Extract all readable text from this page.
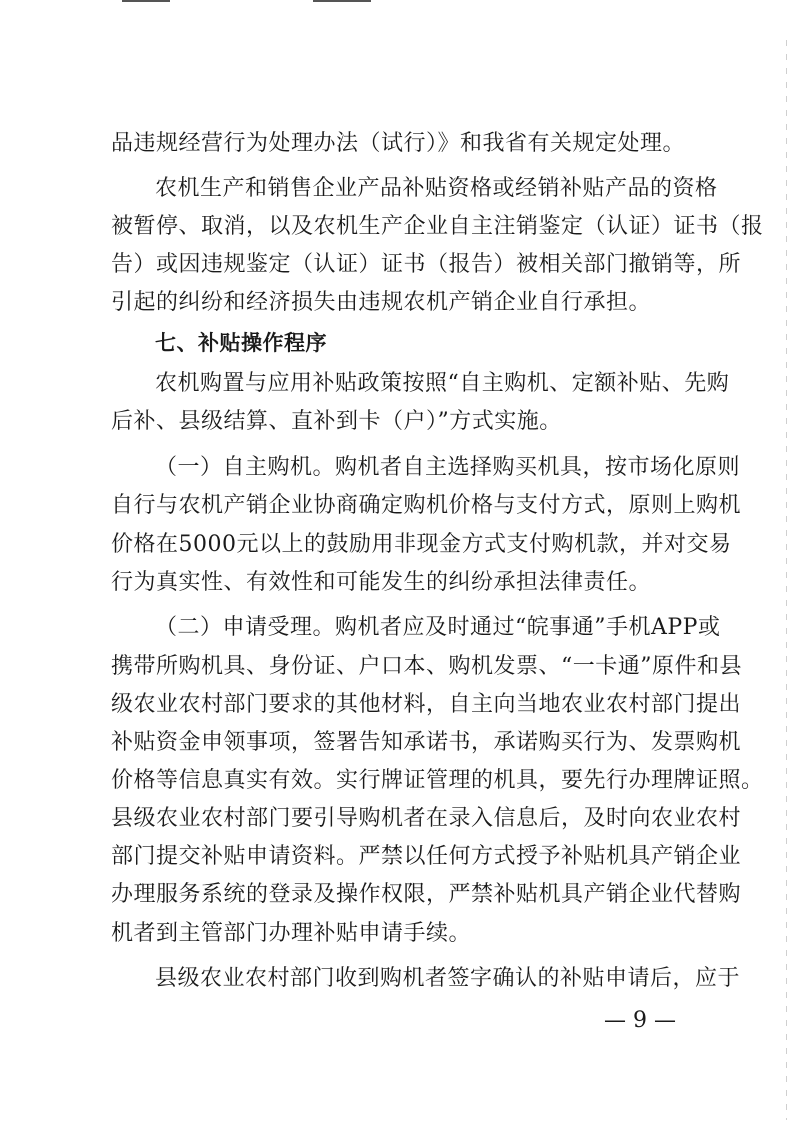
品违规经营行为处理办法（试行）》和我省有关规定处理。
农机生产和销售企业产品补贴资格或经销补贴产品的资格
被暂停、取消，以及农机生产企业自主注销鉴定（认证）证书（报
告）或因违规鉴定（认证）证书（报告）被相关部门撤销等，所
引起的纠纷和经济损失由违规农机产销企业自行承担。
七、补贴操作程序
农机购置与应用补贴政策按照“自主购机、定额补贴、先购
后补、县级结算、直补到卡（户）”方式实施。
（一）自主购机。购机者自主选择购买机具，按市场化原则
自行与农机产销企业协商确定购机价格与支付方式，原则上购机
价格在5000元以上的鼓励用非现金方式支付购机款，并对交易
行为真实性、有效性和可能发生的纠纷承担法律责任。
（二）申请受理。购机者应及时通过“皖事通”手机APP或
携带所购机具、身份证、户口本、购机发票、“一卡通”原件和县
级农业农村部门要求的其他材料，自主向当地农业农村部门提出
补贴资金申领事项，签署告知承诺书，承诺购买行为、发票购机
价格等信息真实有效。实行牌证管理的机具，要先行办理牌证照。
县级农业农村部门要引导购机者在录入信息后，及时向农业农村
部门提交补贴申请资料。严禁以任何方式授予补贴机具产销企业
办理服务系统的登录及操作权限，严禁补贴机具产销企业代替购
机者到主管部门办理补贴申请手续。
县级农业农村部门收到购机者签字确认的补贴申请后，应于
— 9 —
